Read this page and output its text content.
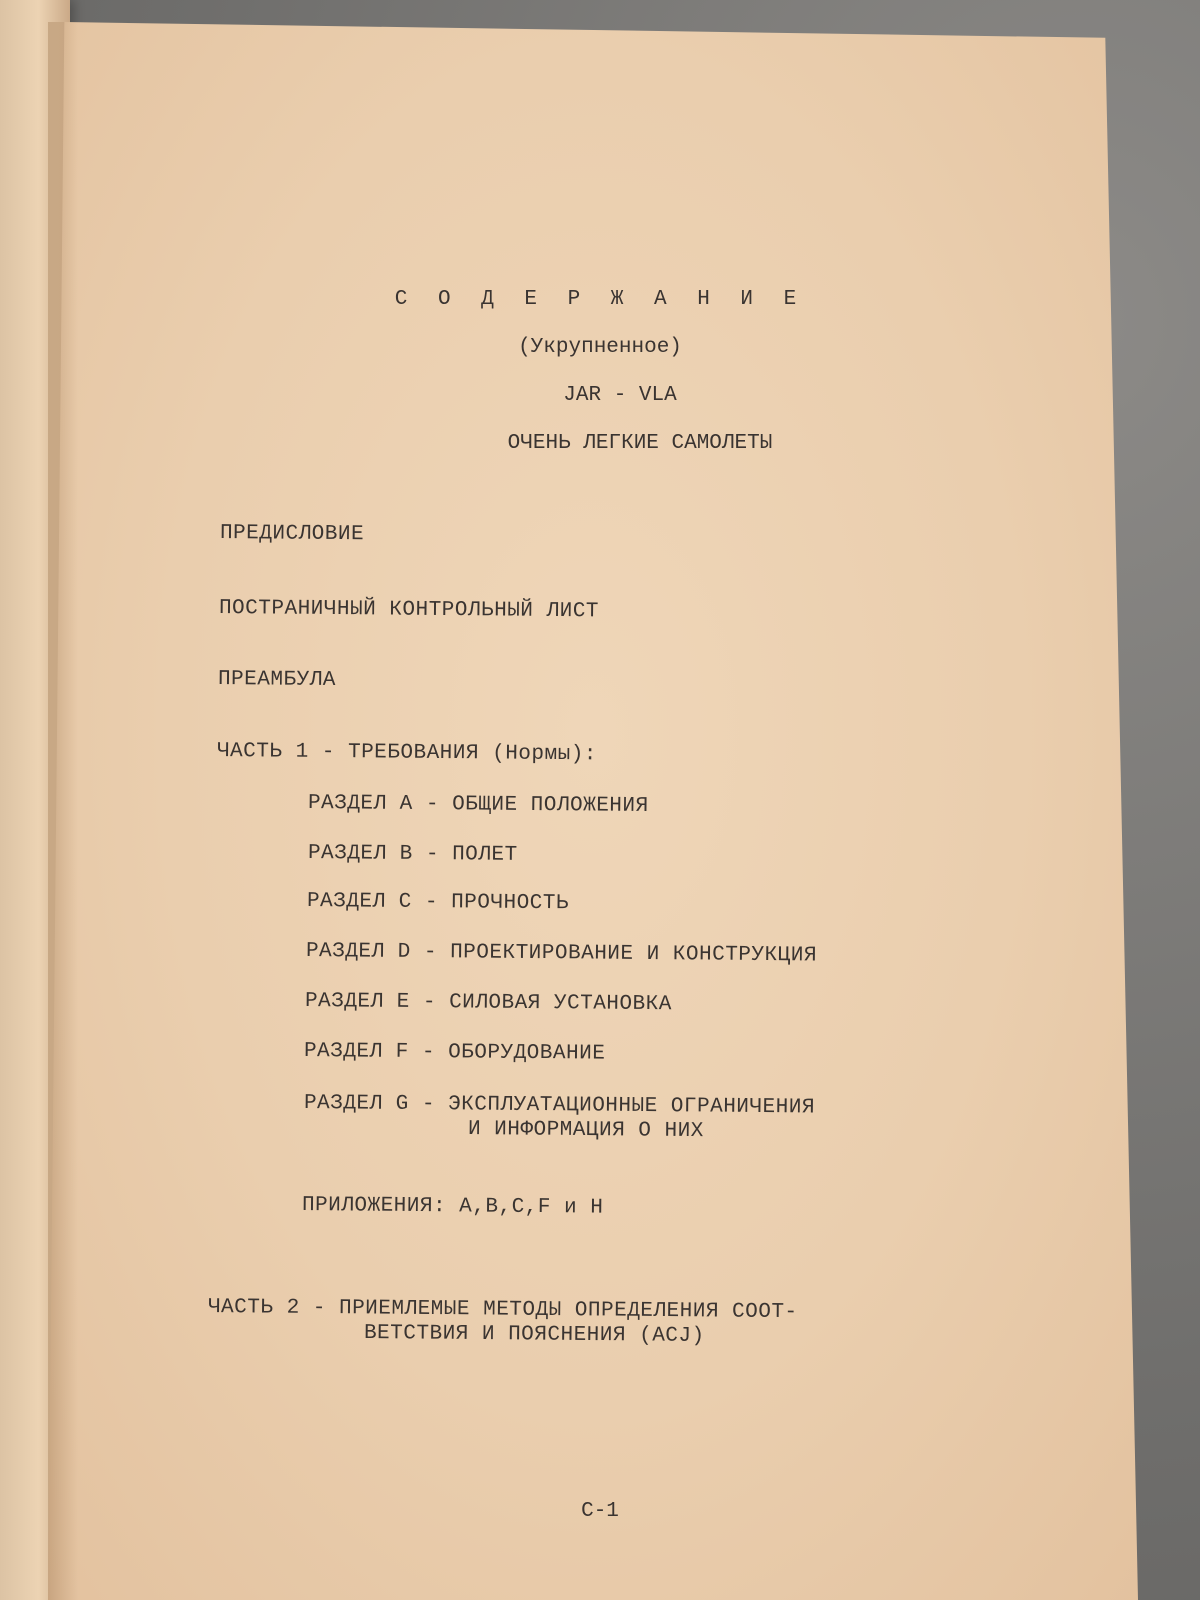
С О Д Е Р Ж А Н И Е
(Укрупненное)
JAR - VLA
ОЧЕНЬ ЛЕГКИЕ САМОЛЕТЫ
ПРЕДИСЛОВИЕ
ПОСТРАНИЧНЫЙ КОНТРОЛЬНЫЙ ЛИСТ
ПРЕАМБУЛА
ЧАСТЬ 1 - ТРЕБОВАНИЯ (Нормы):
РАЗДЕЛ А - ОБЩИЕ ПОЛОЖЕНИЯ
РАЗДЕЛ В - ПОЛЕТ
РАЗДЕЛ С - ПРОЧНОСТЬ
РАЗДЕЛ D - ПРОЕКТИРОВАНИЕ И КОНСТРУКЦИЯ
РАЗДЕЛ Е - СИЛОВАЯ УСТАНОВКА
РАЗДЕЛ F - ОБОРУДОВАНИЕ
РАЗДЕЛ G - ЭКСПЛУАТАЦИОННЫЕ ОГРАНИЧЕНИЯ
И ИНФОРМАЦИЯ О НИХ
ПРИЛОЖЕНИЯ: А,В,С,F и Н
ЧАСТЬ 2 - ПРИЕМЛЕМЫЕ МЕТОДЫ ОПРЕДЕЛЕНИЯ СООТ-
ВЕТСТВИЯ И ПОЯСНЕНИЯ (ACJ)
С-1
